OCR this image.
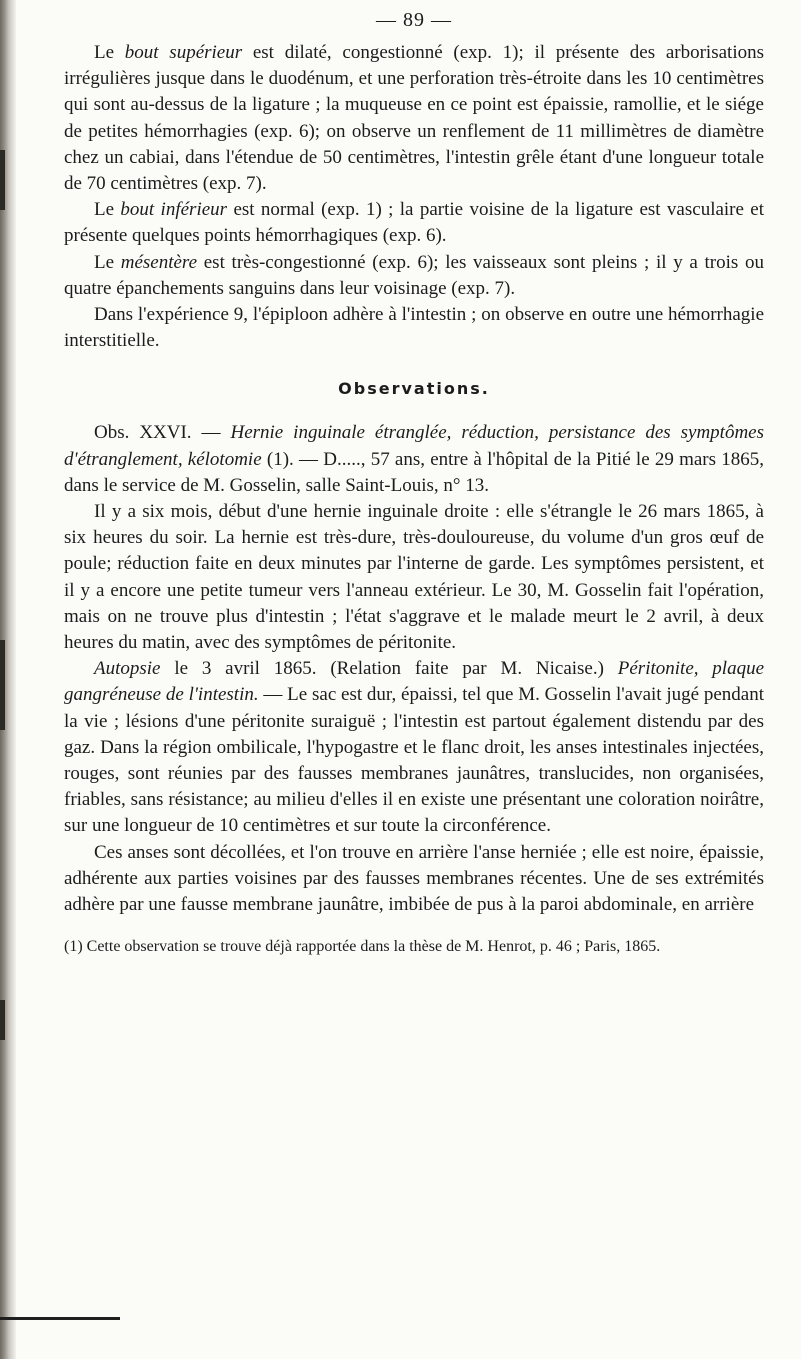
— 89 —

Le bout supérieur est dilaté, congestionné (exp. 1); il présente des arborisations irrégulières jusque dans le duodénum, et une perforation très-étroite dans les 10 centimètres qui sont au-dessus de la ligature ; la muqueuse en ce point est épaissie, ramollie, et le siége de petites hémorrhagies (exp. 6); on observe un renflement de 11 millimètres de diamètre chez un cabiai, dans l'étendue de 50 centimètres, l'intestin grêle étant d'une longueur totale de 70 centimètres (exp. 7).

Le bout inférieur est normal (exp. 1) ; la partie voisine de la ligature est vasculaire et présente quelques points hémorrhagiques (exp. 6).

Le mésentère est très-congestionné (exp. 6); les vaisseaux sont pleins ; il y a trois ou quatre épanchements sanguins dans leur voisinage (exp. 7).

Dans l'expérience 9, l'épiploon adhère à l'intestin ; on observe en outre une hémorrhagie interstitielle.

Observations.

Obs. XXVI. — Hernie inguinale étranglée, réduction, persistance des symptômes d'étranglement, kélotomie (1). — D....., 57 ans, entre à l'hôpital de la Pitié le 29 mars 1865, dans le service de M. Gosselin, salle Saint-Louis, n° 13.

Il y a six mois, début d'une hernie inguinale droite : elle s'étrangle le 26 mars 1865, à six heures du soir. La hernie est très-dure, très-douloureuse, du volume d'un gros œuf de poule; réduction faite en deux minutes par l'interne de garde. Les symptômes persistent, et il y a encore une petite tumeur vers l'anneau extérieur. Le 30, M. Gosselin fait l'opération, mais on ne trouve plus d'intestin ; l'état s'aggrave et le malade meurt le 2 avril, à deux heures du matin, avec des symptômes de péritonite.

Autopsie le 3 avril 1865. (Relation faite par M. Nicaise.) Péritonite, plaque gangréneuse de l'intestin. — Le sac est dur, épaissi, tel que M. Gosselin l'avait jugé pendant la vie ; lésions d'une péritonite suraiguë ; l'intestin est partout également distendu par des gaz. Dans la région ombilicale, l'hypogastre et le flanc droit, les anses intestinales injectées, rouges, sont réunies par des fausses membranes jaunâtres, translucides, non organisées, friables, sans résistance; au milieu d'elles il en existe une présentant une coloration noirâtre, sur une longueur de 10 centimètres et sur toute la circonférence.

Ces anses sont décollées, et l'on trouve en arrière l'anse herniée ; elle est noire, épaissie, adhérente aux parties voisines par des fausses membranes récentes. Une de ses extrémités adhère par une fausse membrane jaunâtre, imbibée de pus à la paroi abdominale, en arrière

(1) Cette observation se trouve déjà rapportée dans la thèse de M. Henrot, p. 46 ; Paris, 1865.
